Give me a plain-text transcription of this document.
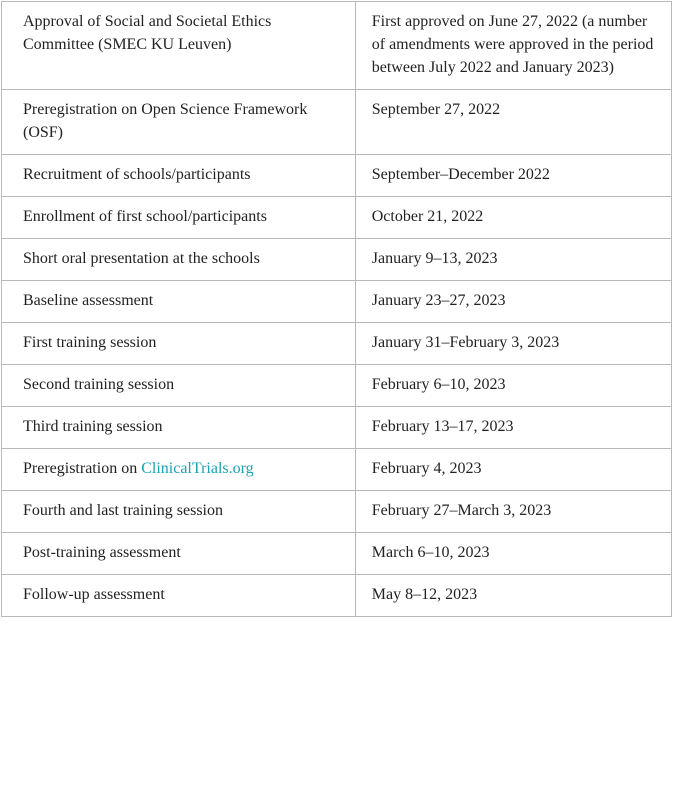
Approval of Social and Societal Ethics Committee (SMEC KU Leuven)	First approved on June 27, 2022 (a number of amendments were approved in the period between July 2022 and January 2023)
Preregistration on Open Science Framework (OSF)	September 27, 2022
Recruitment of schools/participants	September–December 2022
Enrollment of first school/participants	October 21, 2022
Short oral presentation at the schools	January 9–13, 2023
Baseline assessment	January 23–27, 2023
First training session	January 31–February 3, 2023
Second training session	February 6–10, 2023
Third training session	February 13–17, 2023
Preregistration on ClinicalTrials.org	February 4, 2023
Fourth and last training session	February 27–March 3, 2023
Post-training assessment	March 6–10, 2023
Follow-up assessment	May 8–12, 2023
